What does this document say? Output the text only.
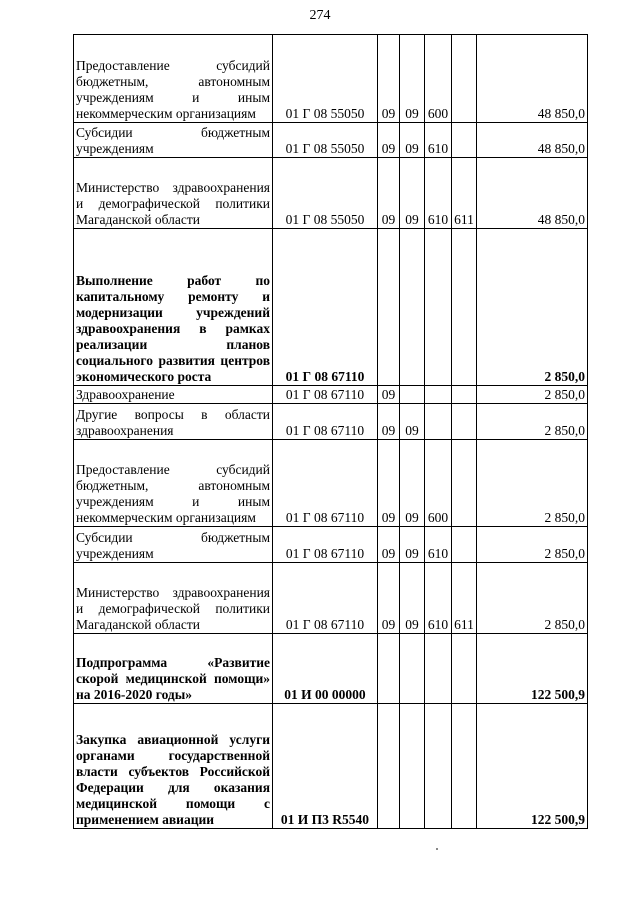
274
Предоставление субсидий бюджетным, автономным учреждениям и иным некоммерческим организациям	01 Г 08 55050	09	09	600		48 850,0
Субсидии бюджетным учреждениям	01 Г 08 55050	09	09	610		48 850,0
Министерство здравоохранения и демографической политики Магаданской области	01 Г 08 55050	09	09	610	611	48 850,0
Выполнение работ по капитальному ремонту и модернизации учреждений здравоохранения в рамках реализации планов социального развития центров экономического роста	01 Г 08 67110					2 850,0
Здравоохранение	01 Г 08 67110	09				2 850,0
Другие вопросы в области здравоохранения	01 Г 08 67110	09	09			2 850,0
Предоставление субсидий бюджетным, автономным учреждениям и иным некоммерческим организациям	01 Г 08 67110	09	09	600		2 850,0
Субсидии бюджетным учреждениям	01 Г 08 67110	09	09	610		2 850,0
Министерство здравоохранения и демографической политики Магаданской области	01 Г 08 67110	09	09	610	611	2 850,0
Подпрограмма «Развитие скорой медицинской помощи» на 2016-2020 годы»	01 И 00 00000					122 500,9
Закупка авиационной услуги органами государственной власти субъектов Российской Федерации для оказания медицинской помощи с применением авиации	01 И П3 R5540					122 500,9
